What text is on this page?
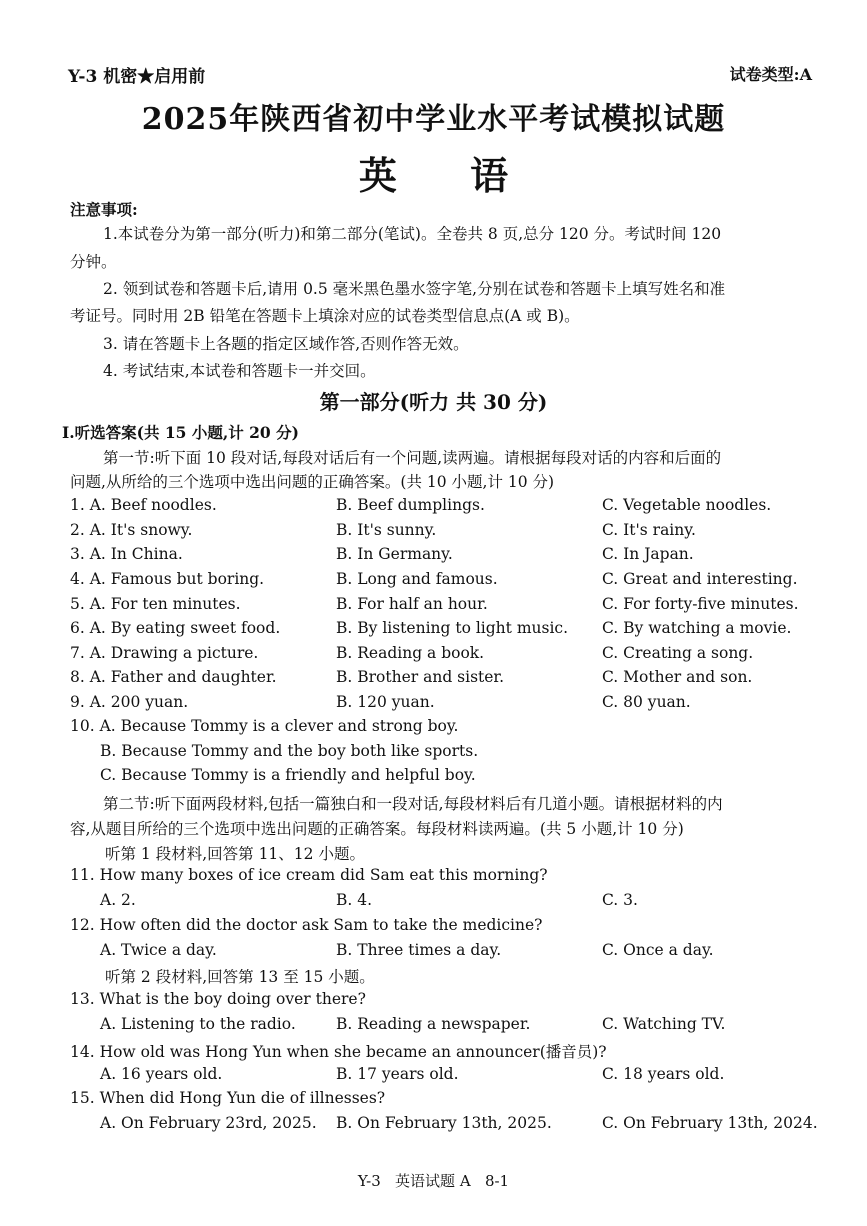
Y-3 机密★启用前	试卷类型:A
2025年陕西省初中学业水平考试模拟试题
英 语
注意事项:
1.本试卷分为第一部分(听力)和第二部分(笔试)。全卷共 8 页,总分 120 分。考试时间 120
分钟。
2. 领到试卷和答题卡后,请用 0.5 毫米黑色墨水签字笔,分别在试卷和答题卡上填写姓名和准
考证号。同时用 2B 铅笔在答题卡上填涂对应的试卷类型信息点(A 或 B)。
3. 请在答题卡上各题的指定区域作答,否则作答无效。
4. 考试结束,本试卷和答题卡一并交回。
第一部分(听力 共 30 分)
Ⅰ.听选答案(共 15 小题,计 20 分)
第一节:听下面 10 段对话,每段对话后有一个问题,读两遍。请根据每段对话的内容和后面的
问题,从所给的三个选项中选出问题的正确答案。(共 10 小题,计 10 分)
1. A. Beef noodles.	B. Beef dumplings.	C. Vegetable noodles.
2. A. It's snowy.	B. It's sunny.	C. It's rainy.
3. A. In China.	B. In Germany.	C. In Japan.
4. A. Famous but boring.	B. Long and famous.	C. Great and interesting.
5. A. For ten minutes.	B. For half an hour.	C. For forty-five minutes.
6. A. By eating sweet food.	B. By listening to light music. C. By watching a movie.
7. A. Drawing a picture.	B. Reading a book.	C. Creating a song.
8. A. Father and daughter.	B. Brother and sister.	C. Mother and son.
9. A. 200 yuan.	B. 120 yuan.	C. 80 yuan.
10. A. Because Tommy is a clever and strong boy.
B. Because Tommy and the boy both like sports.
C. Because Tommy is a friendly and helpful boy.
第二节:听下面两段材料,包括一篇独白和一段对话,每段材料后有几道小题。请根据材料的内
容,从题目所给的三个选项中选出问题的正确答案。每段材料读两遍。(共 5 小题,计 10 分)
听第 1 段材料,回答第 11、12 小题。
11. How many boxes of ice cream did Sam eat this morning?
A. 2.	B. 4.	C. 3.
12. How often did the doctor ask Sam to take the medicine?
A. Twice a day.	B. Three times a day.	C. Once a day.
听第 2 段材料,回答第 13 至 15 小题。
13. What is the boy doing over there?
A. Listening to the radio.	B. Reading a newspaper.	C. Watching TV.
14. How old was Hong Yun when she became an announcer(播音员)?
A. 16 years old.	B. 17 years old.	C. 18 years old.
15. When did Hong Yun die of illnesses?
A. On February 23rd, 2025. B. On February 13th, 2025.	C. On February 13th, 2024.
Y-3   英语试题 A   8-1
